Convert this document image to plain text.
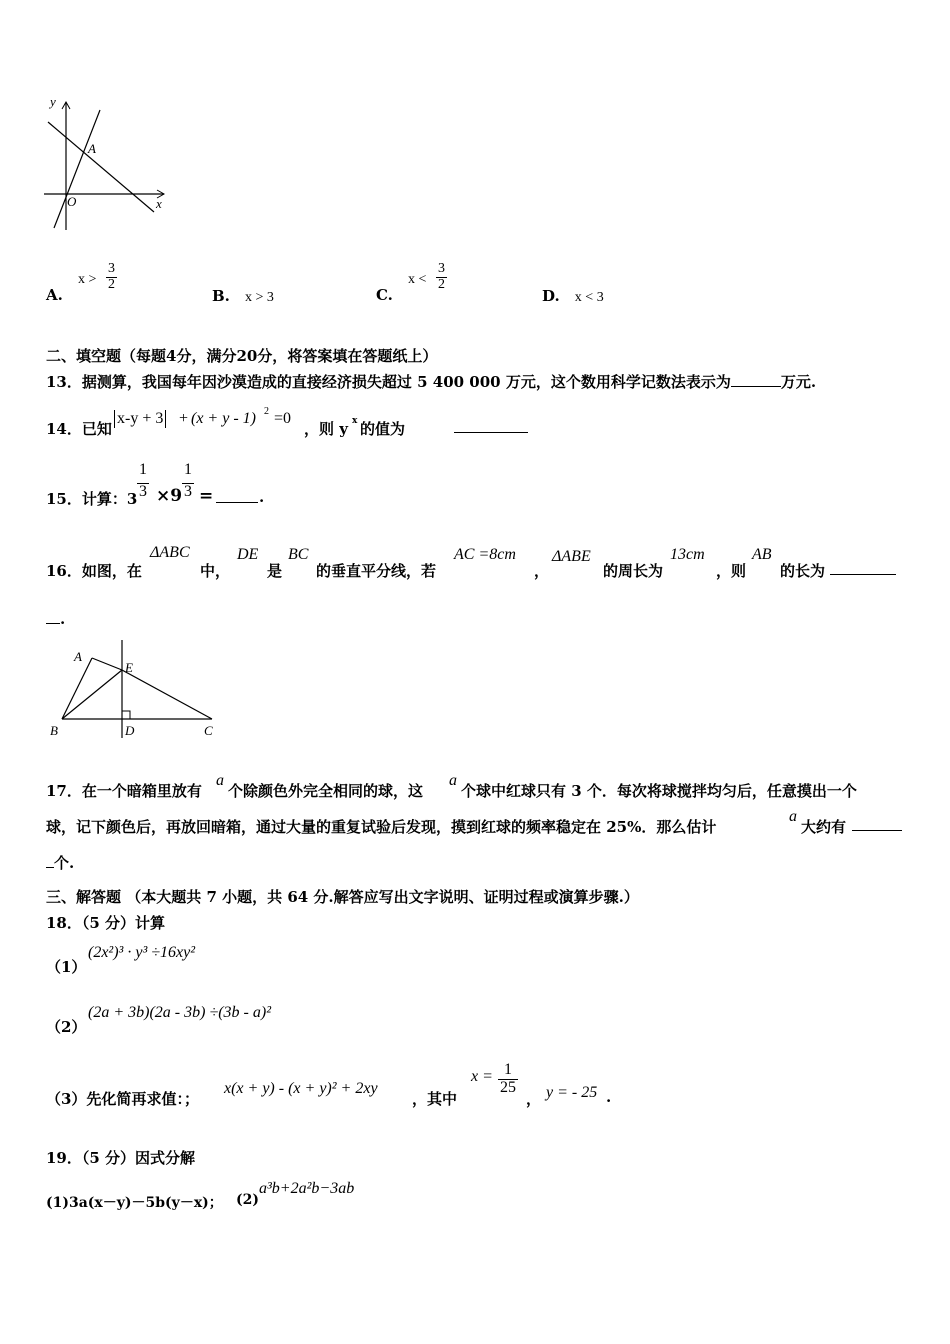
y
x
O
A
A.
$x > \frac{3}{2}$
B. x > 3	C.
$x < \frac{3}{2}$
D. x < 3
二、填空题（每题4分，满分20分，将答案填在答题纸上）
13．据测算，我国每年因沙漠造成的直接经济损失超过 5 400 000 万元，这个数用科学记数法表示为	万元.
14．已知
x-y + 3 + (x + y - 1) 2 =0
，则 y x 的值为
15．计算：$3 \frac{1}{3} \times 9 \frac{1}{3}$ =	.
16．如图，在
ΔABC
中，
DE
是
BC
的垂直平分线，若
AC =8cm
，
ΔABE
的周长为
13cm
，则
AB
的长为
.
A
E
B	D	C
17．在一个暗箱里放有
a
个除颜色外完全相同的球，这
a
个球中红球只有 3 个．每次将球搅拌均匀后，任意摸出一个
球，记下颜色后，再放回暗箱，通过大量的重复试验后发现，摸到红球的频率稳定在 25%．那么估计
a
大约有
个.
三、解答题 （本大题共 7 小题，共 64 分.解答应写出文字说明、证明过程或演算步骤.）
18．（5 分）计算
（1）
(2x²)³ · y³ ÷16xy²
（2）
(2a + 3b)(2a - 3b) ÷(3b - a)²
（3）先化简再求值：；
x(x + y) - (x + y)² + 2xy
，其中
$x = \frac{1}{25}$
， y = - 25 .
19．（5 分）因式分解
(1)3a(x－y)－5b(y－x)； (2)
a³b+2a²b−3ab
